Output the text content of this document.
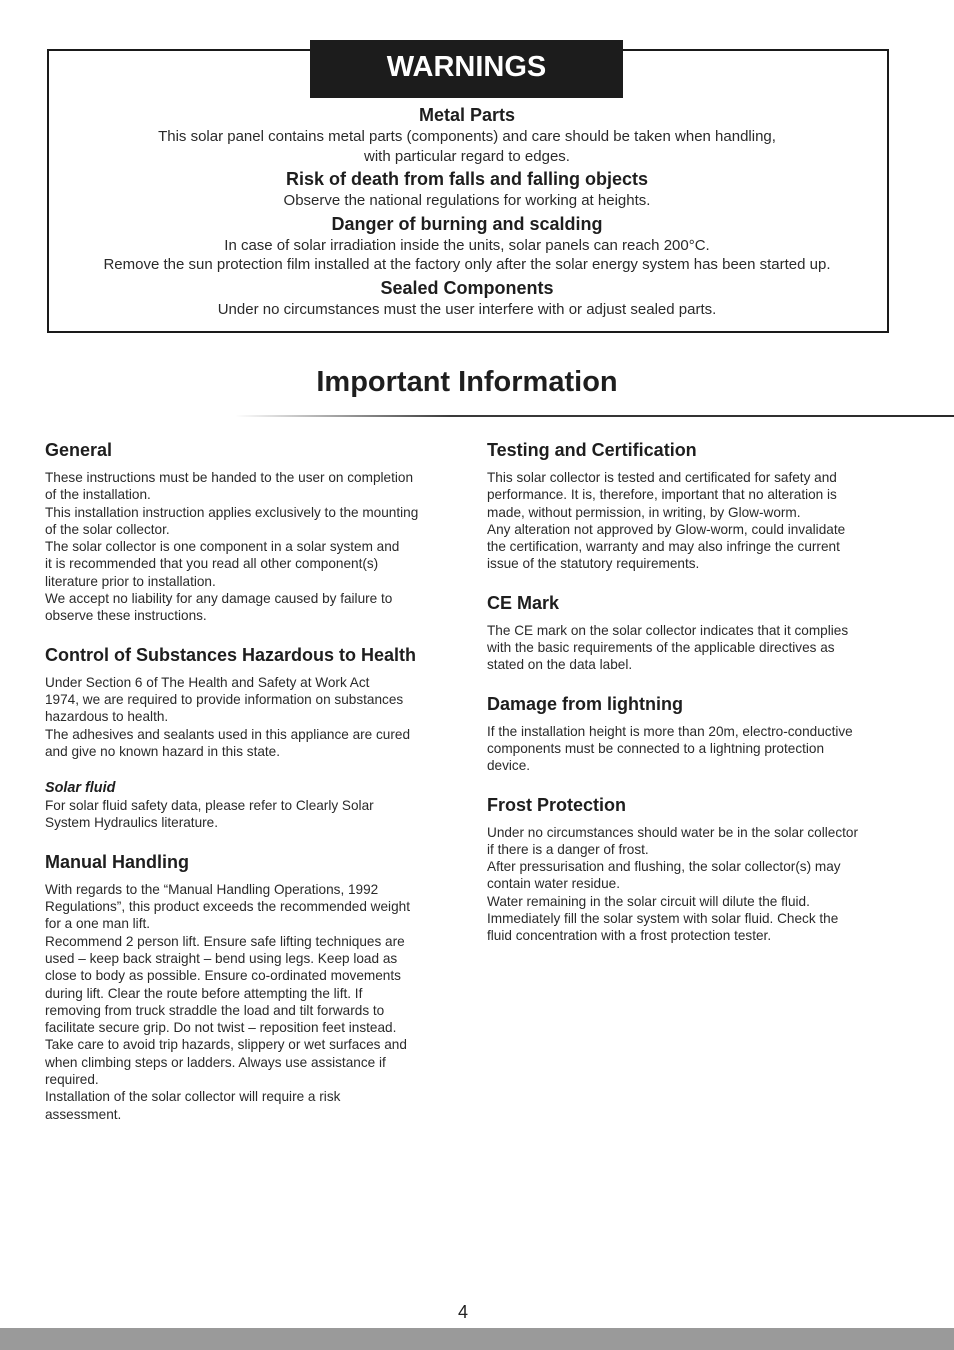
WARNINGS
Metal Parts
This solar panel contains metal parts (components) and care should be taken when handling,
with particular regard to edges.
Risk of death from falls and falling objects
Observe the national regulations for working at heights.
Danger of burning and scalding
In case of solar irradiation inside the units, solar panels can reach 200°C.
Remove the sun protection film installed at the factory only after the solar energy system has been started up.
Sealed Components
Under no circumstances must the user interfere with or adjust sealed parts.
Important Information
General
These instructions must be handed to the user on completion
of the installation.
This installation instruction applies exclusively to the mounting
of the solar collector.
The solar collector is one component in a solar system and
it is recommended that you read all other component(s)
literature prior to installation.
We accept no liability for any damage caused by failure to
observe these instructions.
Control of Substances Hazardous to Health
Under Section 6 of The Health and Safety at Work Act
1974, we are required to provide information on substances
hazardous to health.
The adhesives and sealants used in this appliance are cured
and give no known hazard in this state.
Solar fluid
For solar fluid safety data, please refer to Clearly Solar
System Hydraulics literature.
Manual Handling
With regards to the “Manual Handling Operations, 1992
Regulations”, this product exceeds the recommended weight
for a one man lift.
Recommend 2 person lift. Ensure safe lifting techniques are
used – keep back straight – bend using legs. Keep load as
close to body as possible. Ensure co-ordinated movements
during lift. Clear the route before attempting the lift. If
removing from truck straddle the load and tilt forwards to
facilitate secure grip. Do not twist – reposition feet instead.
Take care to avoid trip hazards, slippery or wet surfaces and
when climbing steps or ladders. Always use assistance if
required.
Installation of the solar collector will require a risk
assessment.
Testing and Certification
This solar collector is tested and certificated for safety and
performance. It is, therefore, important that no alteration is
made, without permission, in writing, by Glow-worm.
Any alteration not approved by Glow-worm, could invalidate
the certification, warranty and may also infringe the current
issue of the statutory requirements.
CE Mark
The CE mark on the solar collector indicates that it complies
with the basic requirements of the applicable directives as
stated on the data label.
Damage from lightning
If the installation height is more than 20m, electro-conductive
components must be connected to a lightning protection
device.
Frost Protection
Under no circumstances should water be in the solar collector
if there is a danger of frost.
After pressurisation and flushing, the solar collector(s) may
contain water residue.
Water remaining in the solar circuit will dilute the fluid.
Immediately fill the solar system with solar fluid. Check the
fluid concentration with a frost protection tester.
4
